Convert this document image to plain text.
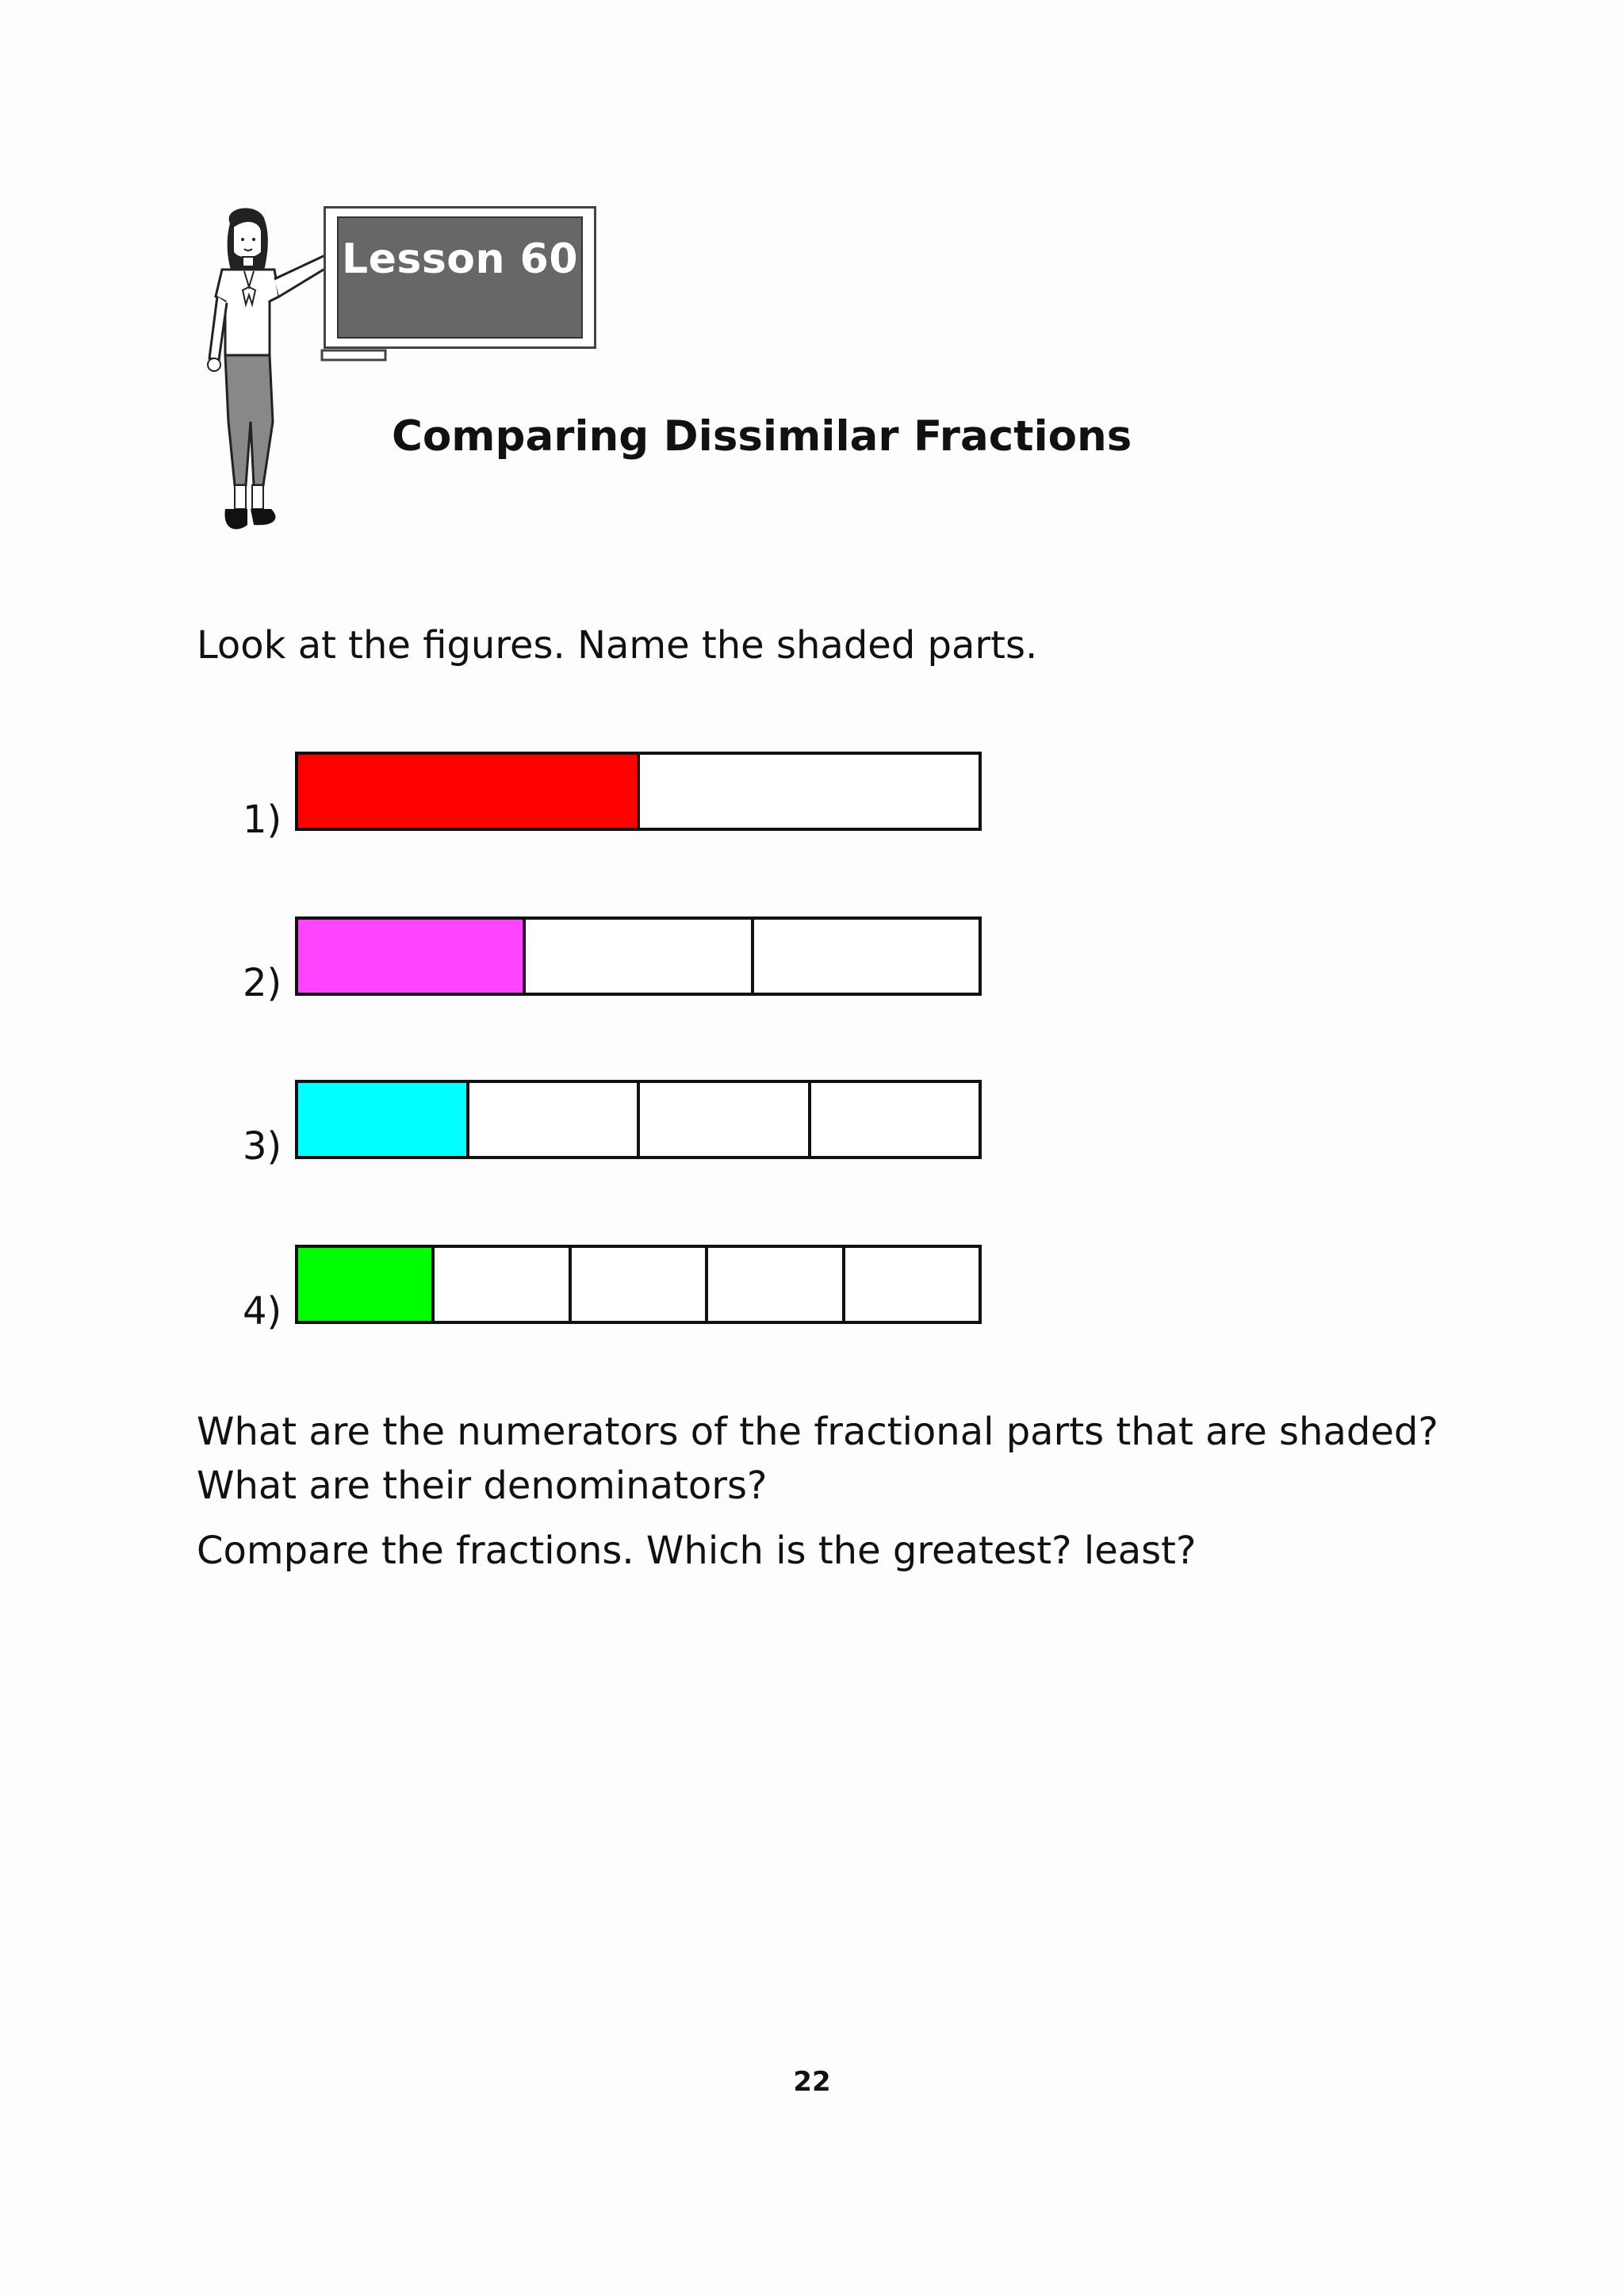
Lesson 60
Comparing Dissimilar Fractions
Look at the figures. Name the shaded parts.
1)
2)
3)
4)
What are the numerators of the fractional parts that are shaded?
What are their denominators?
Compare the fractions. Which is the greatest? least?
22
